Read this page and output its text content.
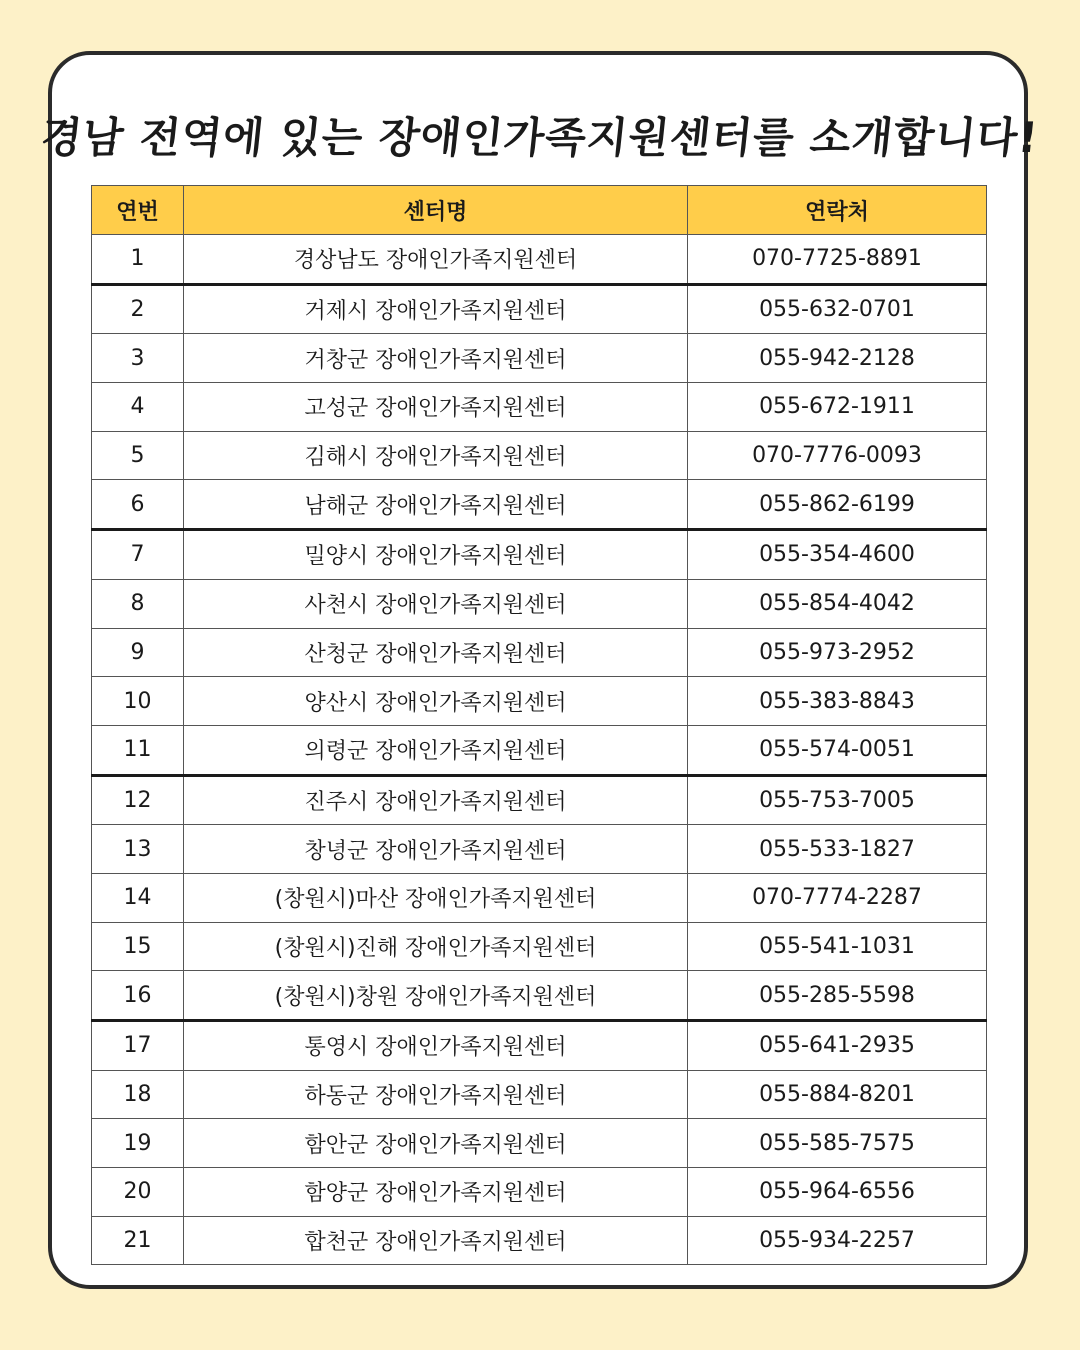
경남 전역에 있는 장애인가족지원센터를 소개합니다!
연번	센터명	연락처
1	경상남도 장애인가족지원센터	070-7725-8891
2	거제시 장애인가족지원센터	055-632-0701
3	거창군 장애인가족지원센터	055-942-2128
4	고성군 장애인가족지원센터	055-672-1911
5	김해시 장애인가족지원센터	070-7776-0093
6	남해군 장애인가족지원센터	055-862-6199
7	밀양시 장애인가족지원센터	055-354-4600
8	사천시 장애인가족지원센터	055-854-4042
9	산청군 장애인가족지원센터	055-973-2952
10	양산시 장애인가족지원센터	055-383-8843
11	의령군 장애인가족지원센터	055-574-0051
12	진주시 장애인가족지원센터	055-753-7005
13	창녕군 장애인가족지원센터	055-533-1827
14	(창원시)마산 장애인가족지원센터	070-7774-2287
15	(창원시)진해 장애인가족지원센터	055-541-1031
16	(창원시)창원 장애인가족지원센터	055-285-5598
17	통영시 장애인가족지원센터	055-641-2935
18	하동군 장애인가족지원센터	055-884-8201
19	함안군 장애인가족지원센터	055-585-7575
20	함양군 장애인가족지원센터	055-964-6556
21	합천군 장애인가족지원센터	055-934-2257
